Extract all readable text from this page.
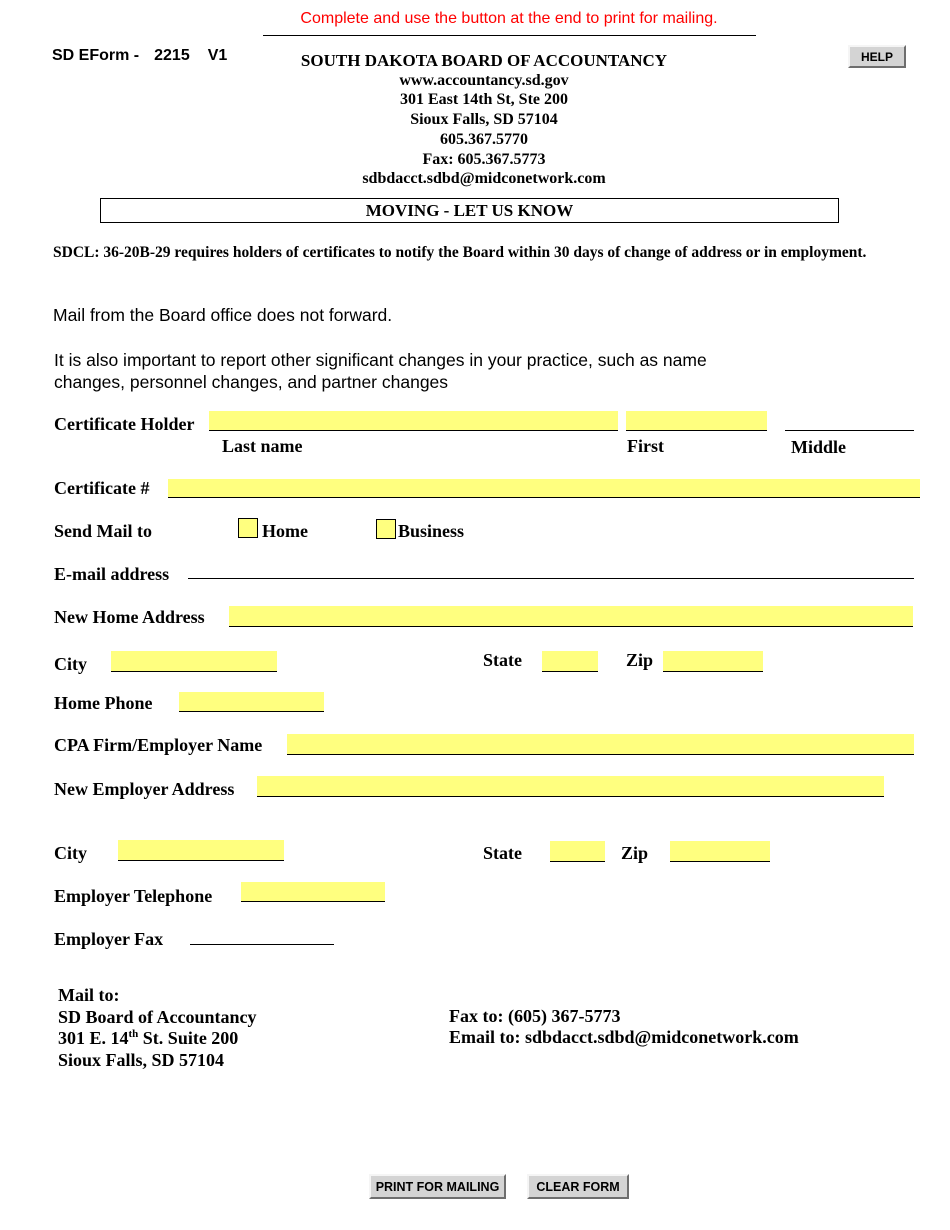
Complete and use the button at the end to print for mailing.
SD EForm - 2215 V1	HELP
SOUTH DAKOTA BOARD OF ACCOUNTANCY
www.accountancy.sd.gov
301 East 14th St, Ste 200
Sioux Falls, SD 57104
605.367.5770
Fax: 605.367.5773
sdbdacct.sdbd@midconetwork.com
MOVING - LET US KNOW
SDCL: 36-20B-29 requires holders of certificates to notify the Board within 30 days of change of address or in employment.
Mail from the Board office does not forward.
It is also important to report other significant changes in your practice, such as name changes, personnel changes, and partner changes
Certificate Holder
Last name	First	Middle
Certificate #
Send Mail to	Home	Business
E-mail address
New Home Address
City	State	Zip
Home Phone
CPA Firm/Employer Name
New Employer Address
City	State	Zip
Employer Telephone
Employer Fax
Mail to:
SD Board of Accountancy
301 E. 14th St. Suite 200
Sioux Falls, SD 57104
Fax to: (605) 367-5773
Email to: sdbdacct.sdbd@midconetwork.com
PRINT FOR MAILING	CLEAR FORM
